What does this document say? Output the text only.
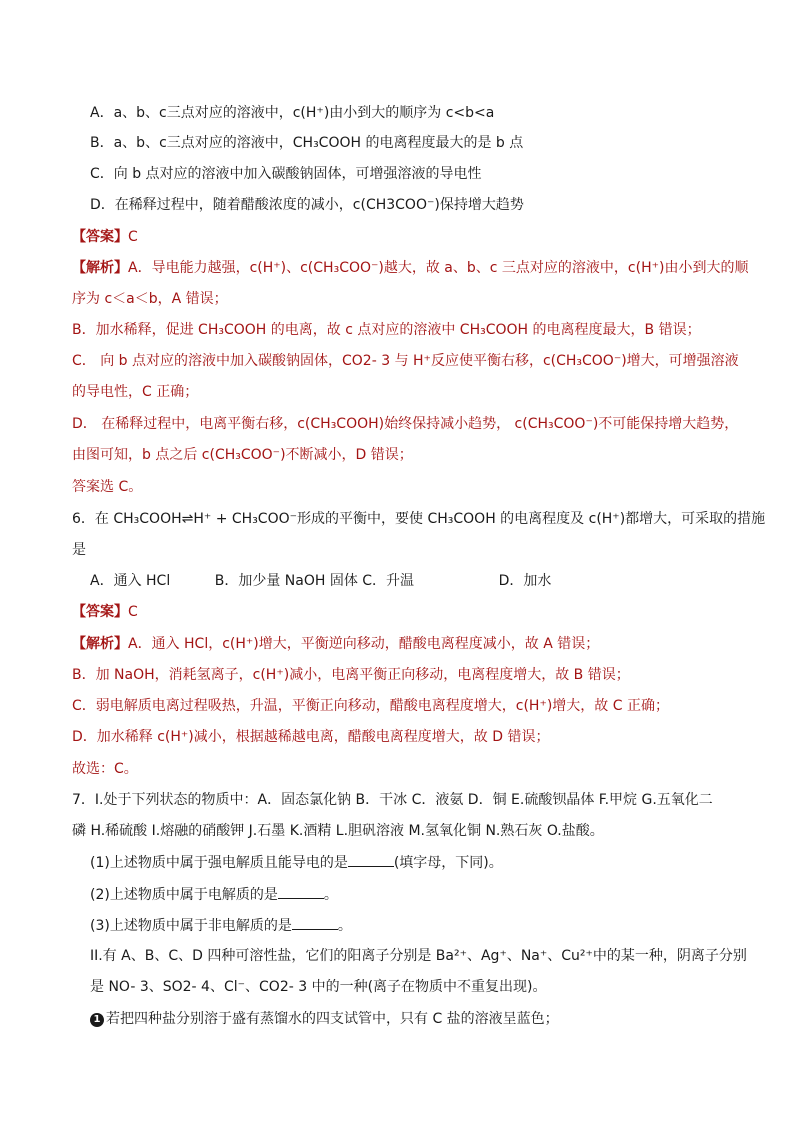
A．a、b、c三点对应的溶液中，c(H⁺)由小到大的顺序为 c<b<a
B．a、b、c三点对应的溶液中，CH₃COOH 的电离程度最大的是 b 点
C．向 b 点对应的溶液中加入碳酸钠固体，可增强溶液的导电性
D．在稀释过程中，随着醋酸浓度的减小，c(CH3COO⁻)保持增大趋势
【答案】C
【解析】A．导电能力越强，c(H⁺)、c(CH₃COO⁻)越大，故 a、b、c 三点对应的溶液中，c(H⁺)由小到大的顺
序为 c＜a＜b，A 错误；
B．加水稀释，促进 CH₃COOH 的电离，故 c 点对应的溶液中 CH₃COOH 的电离程度最大，B 错误；
C． 向 b 点对应的溶液中加入碳酸钠固体，CO2- 3 与 H⁺反应使平衡右移，c(CH₃COO⁻)增大，可增强溶液
的导电性，C 正确；
D． 在稀释过程中，电离平衡右移，c(CH₃COOH)始终保持减小趋势， c(CH₃COO⁻)不可能保持增大趋势，
由图可知，b 点之后 c(CH₃COO⁻)不断减小，D 错误；
答案选 C。
6．在 CH₃COOH⇌H⁺ + CH₃COO⁻形成的平衡中，要使 CH₃COOH 的电离程度及 c(H⁺)都增大，可采取的措施
是
A．通入 HCl          B．加少量 NaOH 固体 C．升温                   D．加水
【答案】C
【解析】A．通入 HCl，c(H⁺)增大，平衡逆向移动，醋酸电离程度减小，故 A 错误；
B．加 NaOH，消耗氢离子，c(H⁺)减小，电离平衡正向移动，电离程度增大，故 B 错误；
C．弱电解质电离过程吸热，升温，平衡正向移动，醋酸电离程度增大，c(H⁺)增大，故 C 正确；
D．加水稀释 c(H⁺)减小，根据越稀越电离，醋酸电离程度增大，故 D 错误；
故选：C。
7．I.处于下列状态的物质中：A．固态氯化钠 B．干冰 C．液氨 D．铜 E.硫酸钡晶体 F.甲烷 G.五氧化二
磷 H.稀硫酸 I.熔融的硝酸钾 J.石墨 K.酒精 L.胆矾溶液 M.氢氧化铜 N.熟石灰 O.盐酸。
(1)上述物质中属于强电解质且能导电的是	(填字母，下同)。
(2)上述物质中属于电解质的是	。
(3)上述物质中属于非电解质的是	。
II.有 A、B、C、D 四种可溶性盐，它们的阳离子分别是 Ba²⁺、Ag⁺、Na⁺、Cu²⁺中的某一种，阴离子分别
是 NO- 3、SO2- 4、Cl⁻、CO2- 3 中的一种(离子在物质中不重复出现)。
1 若把四种盐分别溶于盛有蒸馏水的四支试管中，只有 C 盐的溶液呈蓝色；
